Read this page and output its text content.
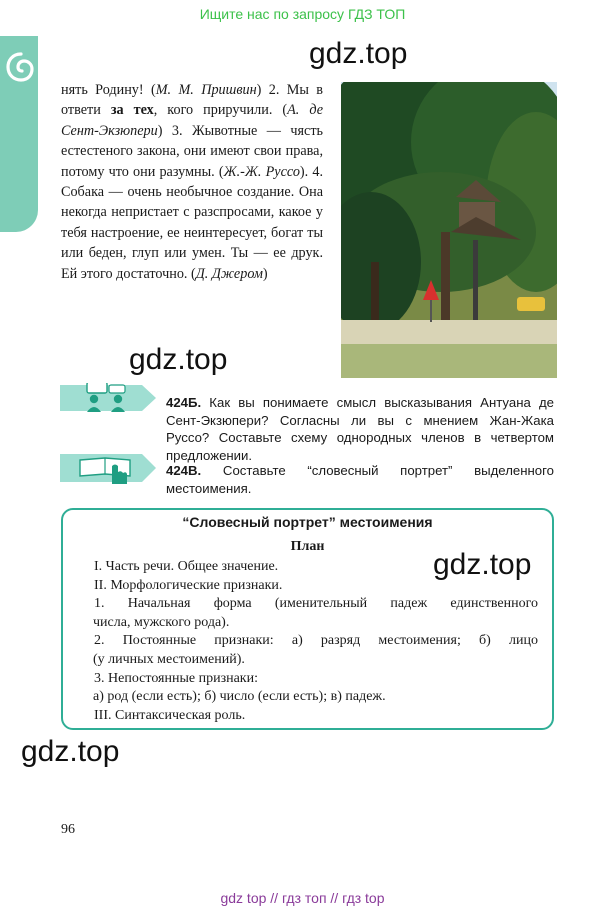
Ищите нас по запросу ГДЗ ТОП
gdz.top
нять Родину! (М. М. Пришвин) 2. Мы в ответи за тех, кого приручили. (А. де Сент-Экзюпери) 3. Жывотные — чясть естестеного закона, они имеют свои права, потому что они разумны. (Ж.-Ж. Руссо). 4. Собака — очень необычное создание. Она некогда непристает с разспросами, какое у тебя настроение, ее неинтересует, богат ты или беден, глуп или умен. Ты — ее друк. Ей этого достаточно. (Д. Джером)
gdz.top
424Б. Как вы понимаете смысл высказывания Антуана де Сент-Экзюпери? Согласны ли вы с мнением Жан-Жака Руссо? Составьте схему однородных членов в четвертом предложении.
424В. Составьте “словесный портрет” выделенного местоимения.
“Словесный портрет” местоимения
План
I. Часть речи. Общее значение.
II. Морфологические признаки.
1. Начальная форма (именительный падеж единственного
числа, мужского рода).
2. Постоянные признаки: а) разряд местоимения; б) лицо
(у личных местоимений).
3. Непостоянные признаки:
а) род (если есть); б) число (если есть); в) падеж.
III. Синтаксическая роль.
gdz.top
gdz.top
96
gdz top // гдз топ // гдз top
